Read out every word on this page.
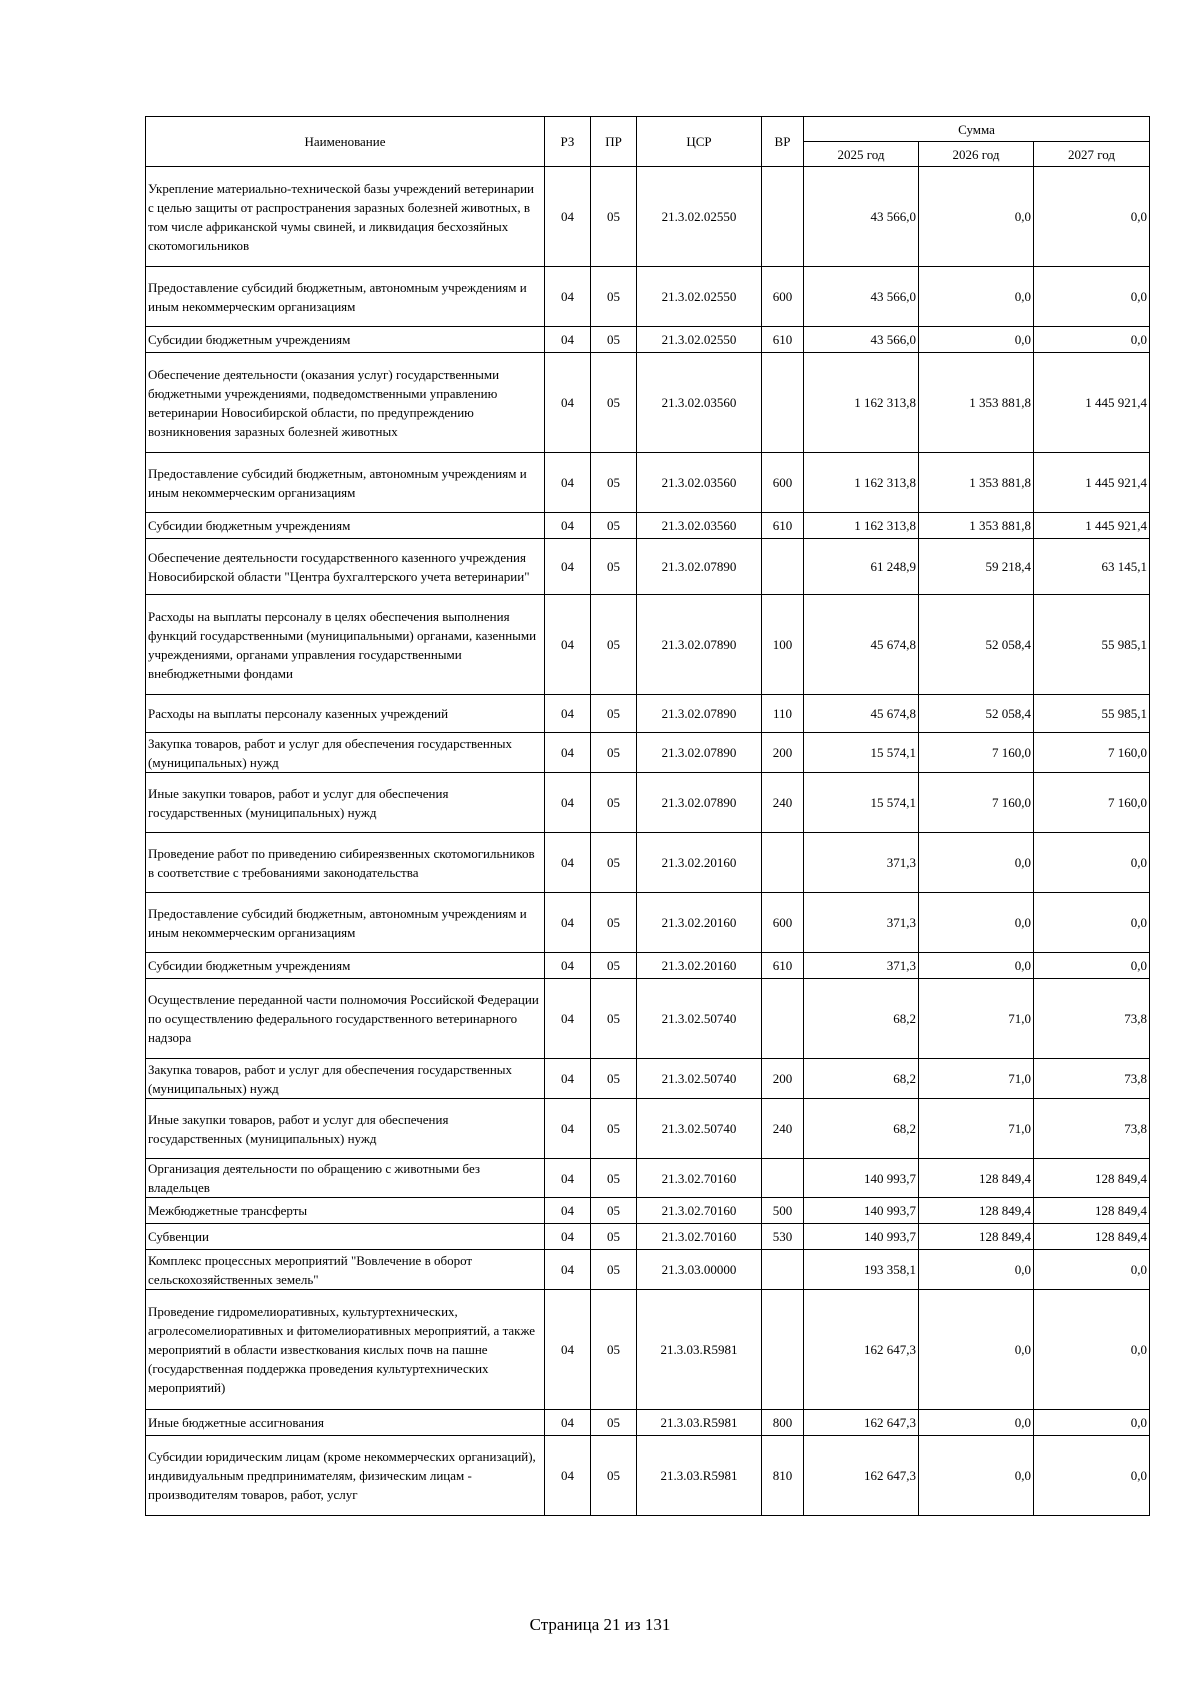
Наименование	РЗ	ПР	ЦСР	ВР	Сумма		
					2025 год	2026 год	2027 год
Укрепление материально-технической базы учреждений ветеринарии с целью защиты от распространения заразных болезней животных, в том числе африканской чумы свиней, и ликвидация бесхозяйных скотомогильников	04	05	21.3.02.02550		43 566,0	0,0	0,0
Предоставление субсидий бюджетным, автономным учреждениям и иным некоммерческим организациям	04	05	21.3.02.02550	600	43 566,0	0,0	0,0
Субсидии бюджетным учреждениям	04	05	21.3.02.02550	610	43 566,0	0,0	0,0
Обеспечение деятельности (оказания услуг) государственными бюджетными учреждениями, подведомственными управлению ветеринарии Новосибирской области, по предупреждению возникновения заразных болезней животных	04	05	21.3.02.03560		1 162 313,8	1 353 881,8	1 445 921,4
Предоставление субсидий бюджетным, автономным учреждениям и иным некоммерческим организациям	04	05	21.3.02.03560	600	1 162 313,8	1 353 881,8	1 445 921,4
Субсидии бюджетным учреждениям	04	05	21.3.02.03560	610	1 162 313,8	1 353 881,8	1 445 921,4
Обеспечение деятельности государственного казенного учреждения Новосибирской области "Центра бухгалтерского учета ветеринарии"	04	05	21.3.02.07890		61 248,9	59 218,4	63 145,1
Расходы на выплаты персоналу в целях обеспечения выполнения функций государственными (муниципальными) органами, казенными учреждениями, органами управления государственными внебюджетными фондами	04	05	21.3.02.07890	100	45 674,8	52 058,4	55 985,1
Расходы на выплаты персоналу казенных учреждений	04	05	21.3.02.07890	110	45 674,8	52 058,4	55 985,1
Закупка товаров, работ и услуг для обеспечения государственных (муниципальных) нужд	04	05	21.3.02.07890	200	15 574,1	7 160,0	7 160,0
Иные закупки товаров, работ и услуг для обеспечения государственных (муниципальных) нужд	04	05	21.3.02.07890	240	15 574,1	7 160,0	7 160,0
Проведение работ по приведению сибиреязвенных скотомогильников в соответствие с требованиями законодательства	04	05	21.3.02.20160		371,3	0,0	0,0
Предоставление субсидий бюджетным, автономным учреждениям и иным некоммерческим организациям	04	05	21.3.02.20160	600	371,3	0,0	0,0
Субсидии бюджетным учреждениям	04	05	21.3.02.20160	610	371,3	0,0	0,0
Осуществление переданной части полномочия Российской Федерации по осуществлению федерального государственного ветеринарного надзора	04	05	21.3.02.50740		68,2	71,0	73,8
Закупка товаров, работ и услуг для обеспечения государственных (муниципальных) нужд	04	05	21.3.02.50740	200	68,2	71,0	73,8
Иные закупки товаров, работ и услуг для обеспечения государственных (муниципальных) нужд	04	05	21.3.02.50740	240	68,2	71,0	73,8
Организация деятельности по обращению с животными без владельцев	04	05	21.3.02.70160		140 993,7	128 849,4	128 849,4
Межбюджетные трансферты	04	05	21.3.02.70160	500	140 993,7	128 849,4	128 849,4
Субвенции	04	05	21.3.02.70160	530	140 993,7	128 849,4	128 849,4
Комплекс процессных мероприятий "Вовлечение в оборот сельскохозяйственных земель"	04	05	21.3.03.00000		193 358,1	0,0	0,0
Проведение гидромелиоративных, культуртехнических, агролесомелиоративных и фитомелиоративных мероприятий, а также мероприятий в области известкования кислых почв на пашне (государственная поддержка проведения культуртехнических мероприятий)	04	05	21.3.03.R5981		162 647,3	0,0	0,0
Иные бюджетные ассигнования	04	05	21.3.03.R5981	800	162 647,3	0,0	0,0
Субсидии юридическим лицам (кроме некоммерческих организаций), индивидуальным предпринимателям, физическим лицам - производителям товаров, работ, услуг	04	05	21.3.03.R5981	810	162 647,3	0,0	0,0
Страница 21 из 131
